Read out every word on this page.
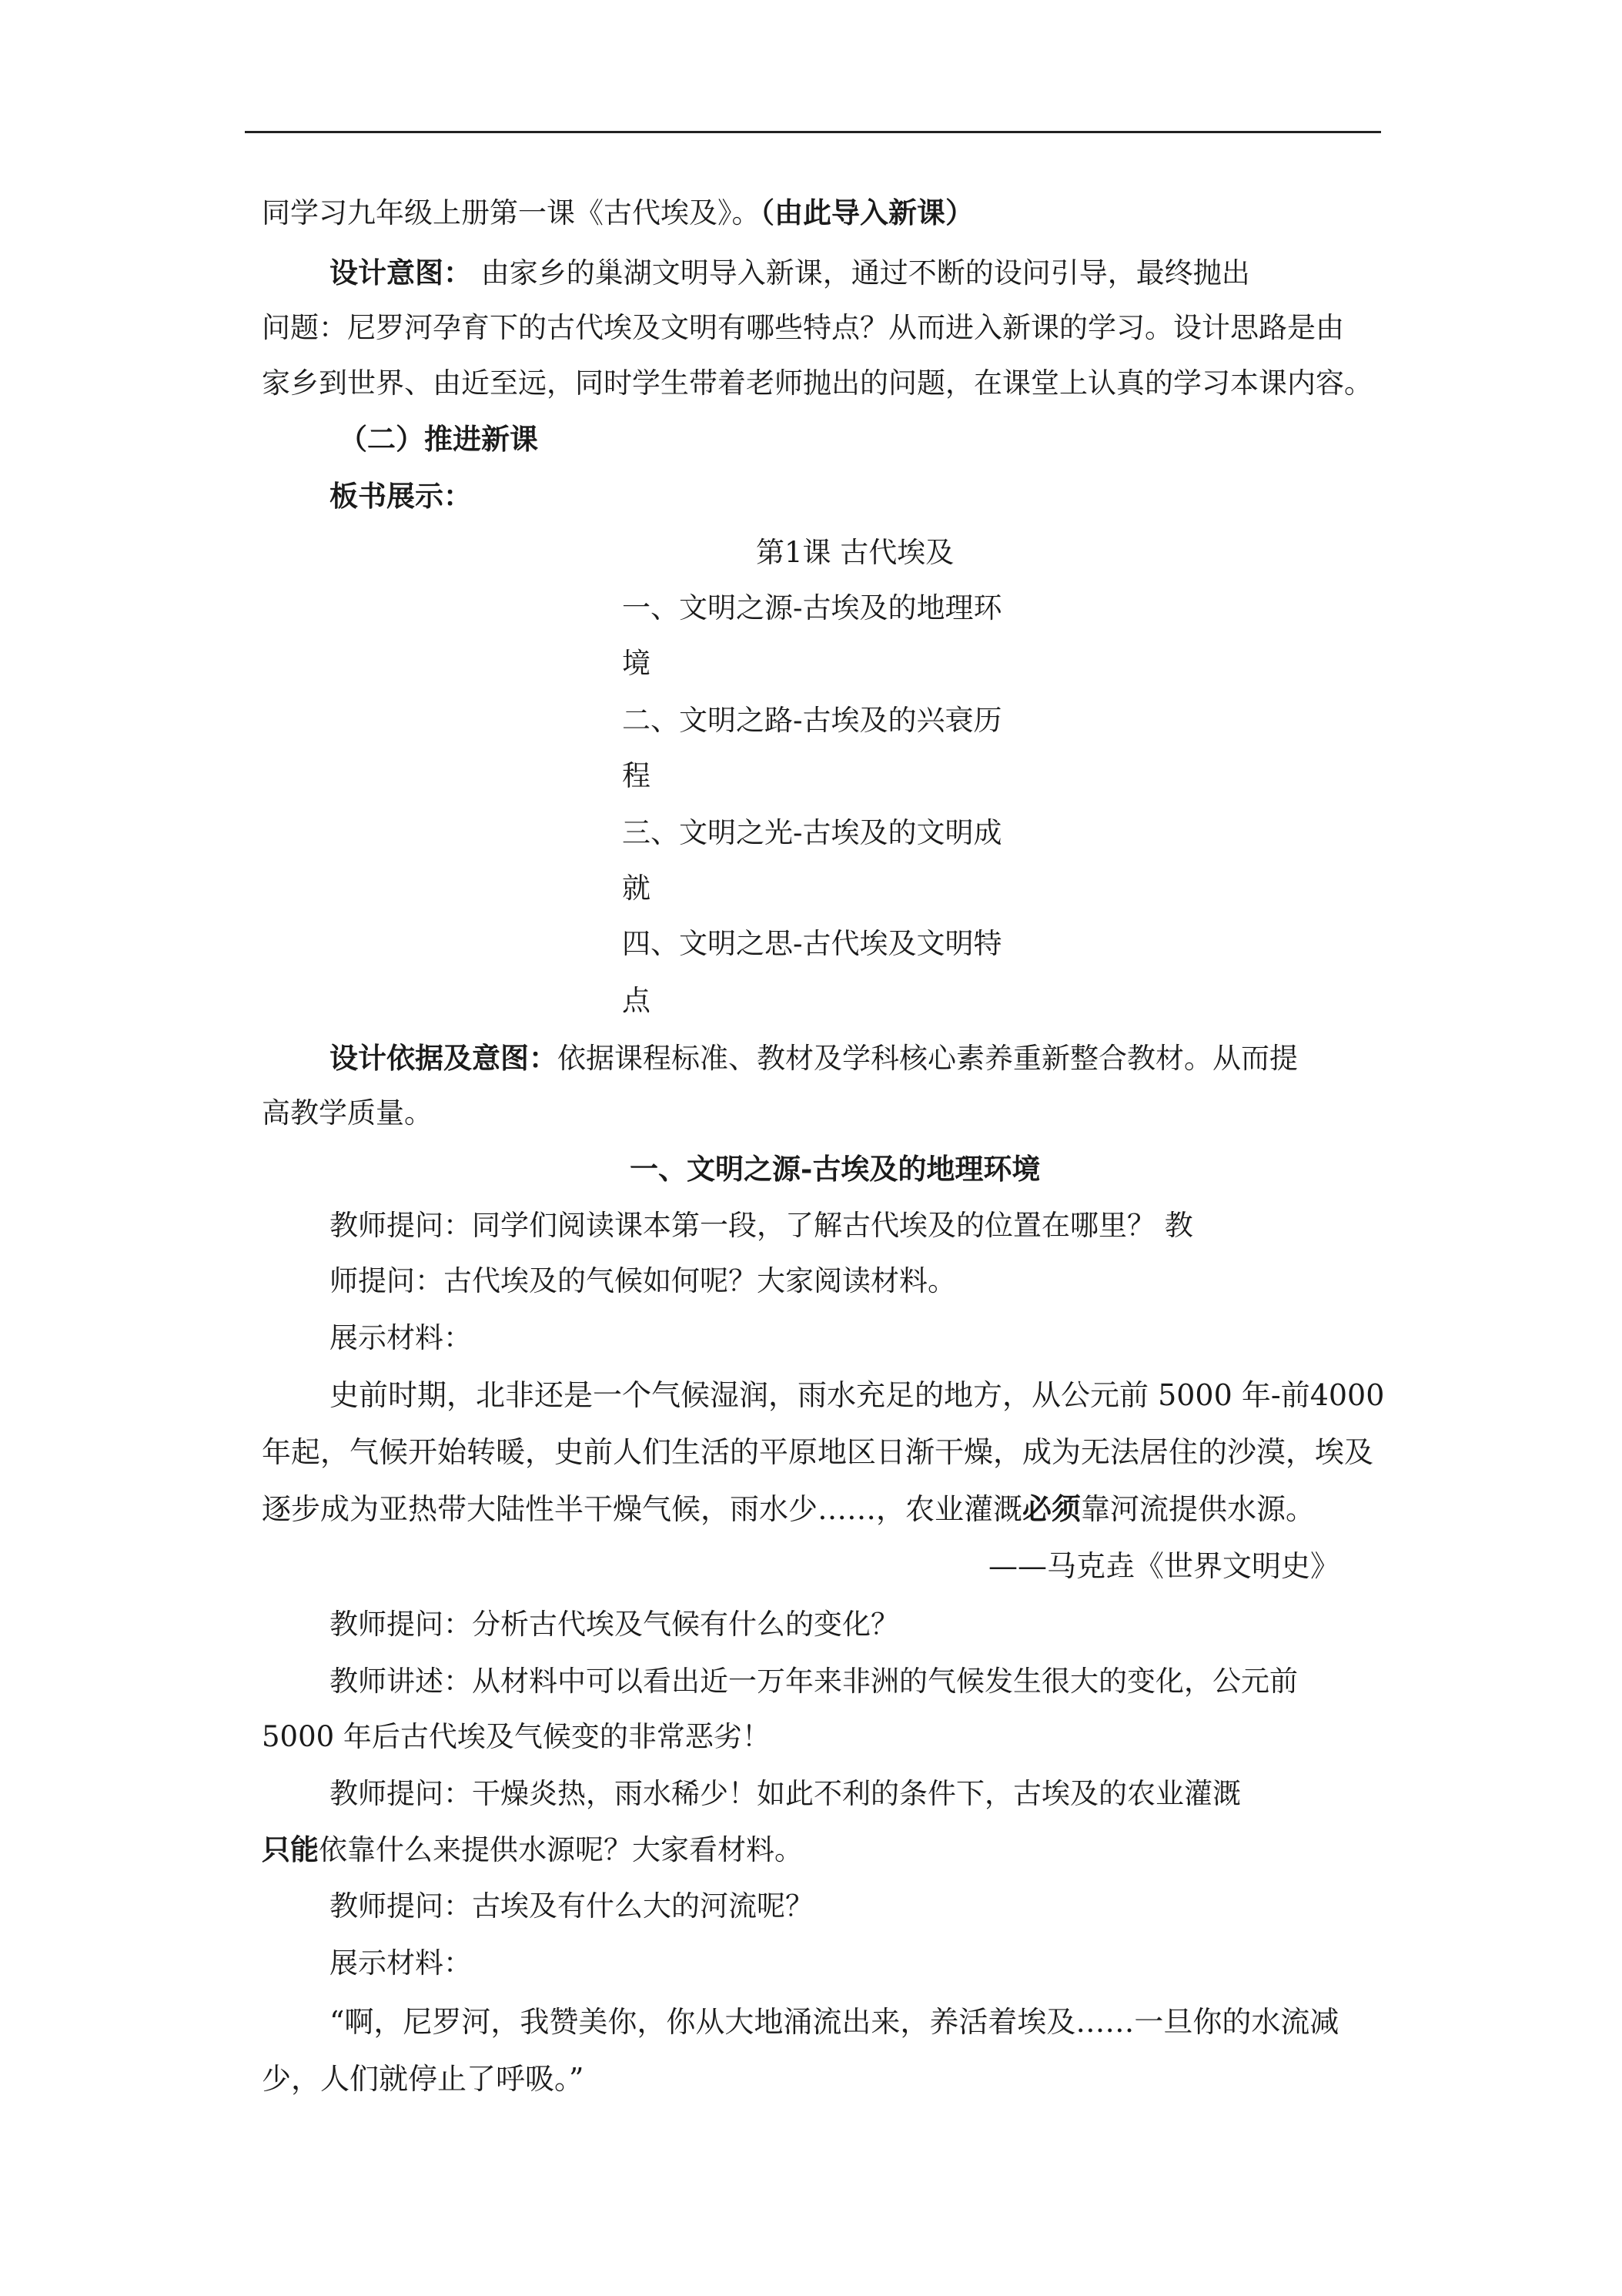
同学习九年级上册第一课《古代埃及》。（由此导入新课）
设计意图： 由家乡的巢湖文明导入新课，通过不断的设问引导，最终抛出
问题：尼罗河孕育下的古代埃及文明有哪些特点？从而进入新课的学习。设计思路是由
家乡到世界、由近至远，同时学生带着老师抛出的问题，在课堂上认真的学习本课内容。
（二）推进新课
板书展示：
第1课 古代埃及
一、文明之源-古埃及的地理环
境
二、文明之路-古埃及的兴衰历
程
三、文明之光-古埃及的文明成
就
四、文明之思-古代埃及文明特
点
设计依据及意图：依据课程标准、教材及学科核心素养重新整合教材。从而提
高教学质量。
一、文明之源-古埃及的地理环境
教师提问：同学们阅读课本第一段，了解古代埃及的位置在哪里？ 教
师提问：古代埃及的气候如何呢？大家阅读材料。
展示材料：
史前时期，北非还是一个气候湿润，雨水充足的地方，从公元前 5000 年-前4000
年起，气候开始转暖，史前人们生活的平原地区日渐干燥，成为无法居住的沙漠，埃及
逐步成为亚热带大陆性半干燥气候，雨水少……，农业灌溉必须靠河流提供水源。
——马克垚《世界文明史》
教师提问：分析古代埃及气候有什么的变化？
教师讲述：从材料中可以看出近一万年来非洲的气候发生很大的变化，公元前
5000 年后古代埃及气候变的非常恶劣！
教师提问：干燥炎热，雨水稀少！如此不利的条件下，古埃及的农业灌溉
只能依靠什么来提供水源呢？大家看材料。
教师提问：古埃及有什么大的河流呢？
展示材料：
“啊，尼罗河，我赞美你，你从大地涌流出来，养活着埃及……一旦你的水流减
少，人们就停止了呼吸。”
